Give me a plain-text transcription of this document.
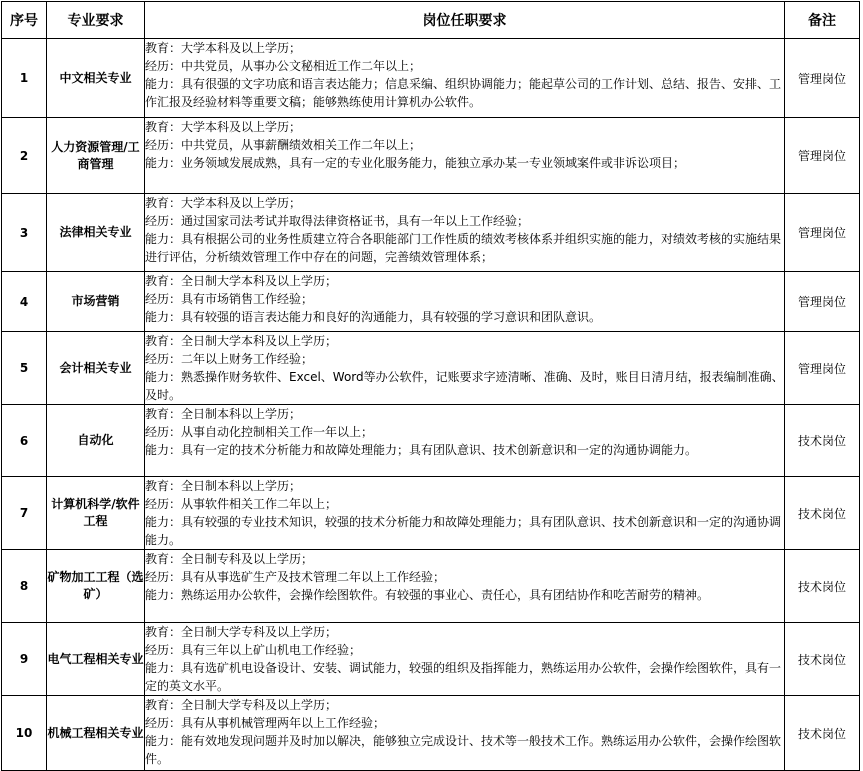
序号	专业要求	岗位任职要求	备注
1	中文相关专业	教育：大学本科及以上学历；
经历：中共党员，从事办公文秘相近工作二年以上；
能力：具有很强的文字功底和语言表达能力；信息采编、组织协调能力；能起草公司的工作计划、总结、报告、安排、工作汇报及经验材料等重要文稿；能够熟练使用计算机办公软件。	管理岗位
2	人力资源管理/工商管理	教育：大学本科及以上学历；
经历：中共党员，从事薪酬绩效相关工作二年以上；
能力：业务领域发展成熟，具有一定的专业化服务能力，能独立承办某一专业领域案件或非诉讼项目；	管理岗位
3	法律相关专业	教育：大学本科及以上学历；
经历：通过国家司法考试并取得法律资格证书，具有一年以上工作经验；
能力：具有根据公司的业务性质建立符合各职能部门工作性质的绩效考核体系并组织实施的能力，对绩效考核的实施结果进行评估，分析绩效管理工作中存在的问题，完善绩效管理体系；	管理岗位
4	市场营销	教育：全日制大学本科及以上学历；
经历：具有市场销售工作经验；
能力：具有较强的语言表达能力和良好的沟通能力，具有较强的学习意识和团队意识。	管理岗位
5	会计相关专业	教育：全日制大学本科及以上学历；
经历：二年以上财务工作经验；
能力：熟悉操作财务软件、Excel、Word等办公软件，记账要求字迹清晰、准确、及时，账目日清月结，报表编制准确、及时。	管理岗位
6	自动化	教育：全日制本科以上学历；
经历：从事自动化控制相关工作一年以上；
能力：具有一定的技术分析能力和故障处理能力；具有团队意识、技术创新意识和一定的沟通协调能力。	技术岗位
7	计算机科学/软件工程	教育：全日制本科以上学历；
经历：从事软件相关工作二年以上；
能力：具有较强的专业技术知识，较强的技术分析能力和故障处理能力；具有团队意识、技术创新意识和一定的沟通协调能力。	技术岗位
8	矿物加工工程（选矿）	教育：全日制专科及以上学历；
经历：具有从事选矿生产及技术管理二年以上工作经验；
能力：熟练运用办公软件，会操作绘图软件。有较强的事业心、责任心，具有团结协作和吃苦耐劳的精神。	技术岗位
9	电气工程相关专业	教育：全日制大学专科及以上学历；
经历：具有三年以上矿山机电工作经验；
能力：具有选矿机电设备设计、安装、调试能力，较强的组织及指挥能力，熟练运用办公软件，会操作绘图软件，具有一定的英文水平。	技术岗位
10	机械工程相关专业	教育：全日制大学专科及以上学历；
经历：具有从事机械管理两年以上工作经验；
能力：能有效地发现问题并及时加以解决，能够独立完成设计、技术等一般技术工作。熟练运用办公软件，会操作绘图软件。	技术岗位
